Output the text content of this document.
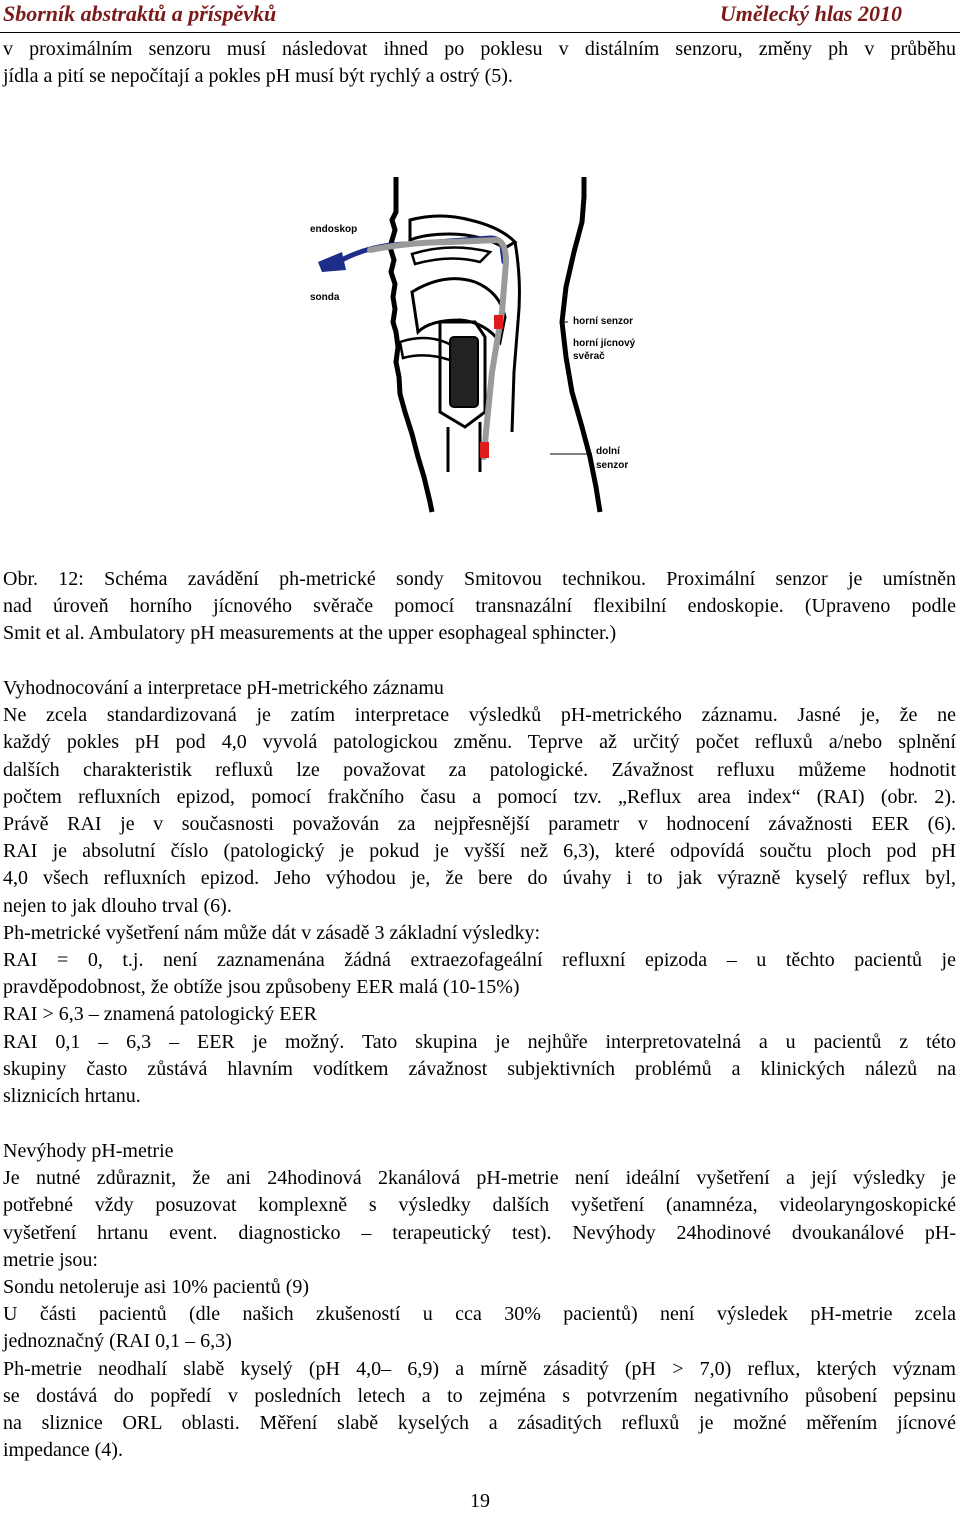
Sborník abstraktů a příspěvků	Umělecký hlas 2010
v proximálním senzoru musí následovat ihned po poklesu v distálním senzoru, změny ph v průběhu
jídla a pití se nepočítají a pokles pH musí být rychlý a ostrý (5).
endoskop
sonda
horní senzor
horní jícnový
svěrač
dolní
senzor
Obr. 12: Schéma zavádění ph-metrické sondy Smitovou technikou. Proximální senzor je umístněn
nad úroveň horního jícnového svěrače pomocí transnazální flexibilní endoskopie. (Upraveno podle
Smit et al. Ambulatory pH measurements at the upper esophageal sphincter.)
Vyhodnocování a interpretace pH-metrického záznamu
Ne zcela standardizovaná je zatím interpretace výsledků pH-metrického záznamu. Jasné je, že ne
každý pokles pH pod 4,0 vyvolá patologickou změnu. Teprve až určitý počet refluxů a/nebo splnění
dalších charakteristik refluxů lze považovat za patologické. Závažnost refluxu můžeme hodnotit
počtem refluxních epizod, pomocí frakčního času a pomocí tzv. „Reflux area index“ (RAI) (obr. 2).
Právě RAI je v současnosti považován za nejpřesnější parametr v hodnocení závažnosti EER (6).
RAI je absolutní číslo (patologický je pokud je vyšší než 6,3), které odpovídá součtu ploch pod pH
4,0 všech refluxních epizod. Jeho výhodou je, že bere do úvahy i to jak výrazně kyselý reflux byl,
nejen to jak dlouho trval (6).
Ph-metrické vyšetření nám může dát v zásadě 3 základní výsledky:
RAI = 0, t.j. není zaznamenána žádná extraezofageální refluxní epizoda – u těchto pacientů je
pravděpodobnost, že obtíže jsou způsobeny EER malá (10-15%)
RAI > 6,3 – znamená patologický EER
RAI 0,1 – 6,3 – EER je možný. Tato skupina je nejhůře interpretovatelná a u pacientů z této
skupiny často zůstává hlavním vodítkem závažnost subjektivních problémů a klinických nálezů na
sliznicích hrtanu.
Nevýhody pH-metrie
Je nutné zdůraznit, že ani 24hodinová 2kanálová pH-metrie není ideální vyšetření a její výsledky je
potřebné vždy posuzovat komplexně s výsledky dalších vyšetření (anamnéza, videolaryngoskopické
vyšetření hrtanu event. diagnosticko – terapeutický test). Nevýhody 24hodinové dvoukanálové pH-
metrie jsou:
Sondu netoleruje asi 10% pacientů (9)
U části pacientů (dle našich zkušeností u cca 30% pacientů) není výsledek pH-metrie zcela
jednoznačný (RAI 0,1 – 6,3)
Ph-metrie neodhalí slabě kyselý (pH 4,0– 6,9) a mírně zásaditý (pH > 7,0) reflux, kterých význam
se dostává do popředí v posledních letech a to zejména s potvrzením negativního působení pepsinu
na sliznice ORL oblasti. Měření slabě kyselých a zásaditých refluxů je možné měřením jícnové
impedance (4).
19
